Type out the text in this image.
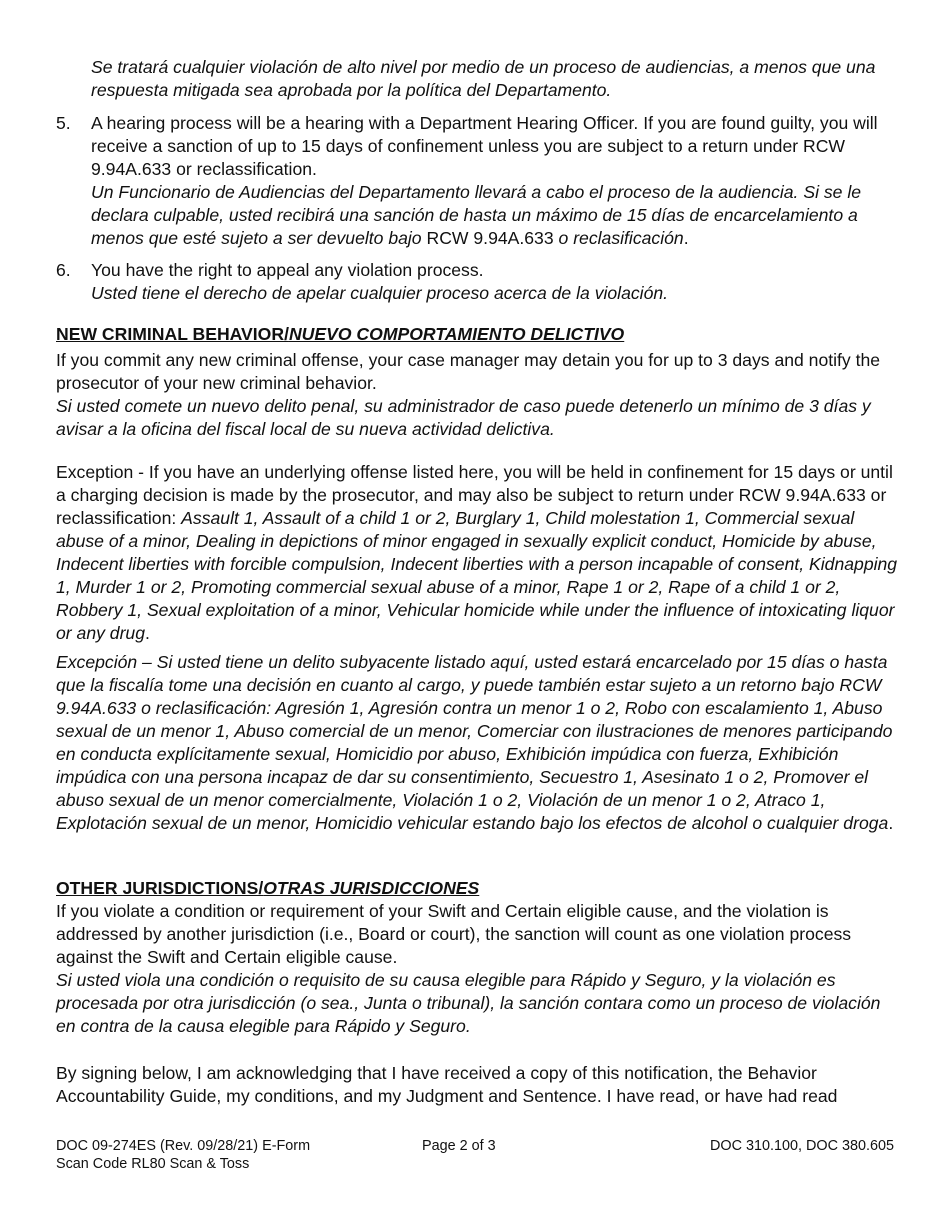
Se tratará cualquier violación de alto nivel por medio de un proceso de audiencias, a menos que una respuesta mitigada sea aprobada por la política del Departamento.

5.	A hearing process will be a hearing with a Department Hearing Officer. If you are found guilty, you will receive a sanction of up to 15 days of confinement unless you are subject to a return under RCW 9.94A.633 or reclassification.

Un Funcionario de Audiencias del Departamento llevará a cabo el proceso de la audiencia. Si se le declara culpable, usted recibirá una sanción de hasta un máximo de 15 días de encarcelamiento a menos que esté sujeto a ser devuelto bajo RCW 9.94A.633 o reclasificación.

6.	You have the right to appeal any violation process.

Usted tiene el derecho de apelar cualquier proceso acerca de la violación.

NEW CRIMINAL BEHAVIOR/NUEVO COMPORTAMIENTO DELICTIVO

If you commit any new criminal offense, your case manager may detain you for up to 3 days and notify the prosecutor of your new criminal behavior.

Si usted comete un nuevo delito penal, su administrador de caso puede detenerlo un mínimo de 3 días y avisar a la oficina del fiscal local de su nueva actividad delictiva.

Exception - If you have an underlying offense listed here, you will be held in confinement for 15 days or until a charging decision is made by the prosecutor, and may also be subject to return under RCW 9.94A.633 or reclassification: Assault 1, Assault of a child 1 or 2, Burglary 1, Child molestation 1, Commercial sexual abuse of a minor, Dealing in depictions of minor engaged in sexually explicit conduct, Homicide by abuse, Indecent liberties with forcible compulsion, Indecent liberties with a person incapable of consent, Kidnapping 1, Murder 1 or 2, Promoting commercial sexual abuse of a minor, Rape 1 or 2, Rape of a child 1 or 2, Robbery 1, Sexual exploitation of a minor, Vehicular homicide while under the influence of intoxicating liquor or any drug.

Excepción – Si usted tiene un delito subyacente listado aquí, usted estará encarcelado por 15 días o hasta que la fiscalía tome una decisión en cuanto al cargo, y puede también estar sujeto a un retorno bajo RCW 9.94A.633 o reclasificación: Agresión 1, Agresión contra un menor 1 o 2, Robo con escalamiento 1, Abuso sexual de un menor 1, Abuso comercial de un menor, Comerciar con ilustraciones de menores participando en conducta explícitamente sexual, Homicidio por abuso, Exhibición impúdica con fuerza, Exhibición impúdica con una persona incapaz de dar su consentimiento, Secuestro 1, Asesinato 1 o 2, Promover el abuso sexual de un menor comercialmente, Violación 1 o 2, Violación de un menor 1 o 2, Atraco 1, Explotación sexual de un menor, Homicidio vehicular estando bajo los efectos de alcohol o cualquier droga.

OTHER JURISDICTIONS/OTRAS JURISDICCIONES

If you violate a condition or requirement of your Swift and Certain eligible cause, and the violation is addressed by another jurisdiction (i.e., Board or court), the sanction will count as one violation process against the Swift and Certain eligible cause.

Si usted viola una condición o requisito de su causa elegible para Rápido y Seguro, y la violación es procesada por otra jurisdicción (o sea., Junta o tribunal), la sanción contara como un proceso de violación en contra de la causa elegible para Rápido y Seguro.

By signing below, I am acknowledging that I have received a copy of this notification, the Behavior Accountability Guide, my conditions, and my Judgment and Sentence. I have read, or have had read

DOC 09-274ES (Rev. 09/28/21) E-Form
Scan Code RL80 Scan & Toss
Page 2 of 3	DOC 310.100, DOC 380.605
